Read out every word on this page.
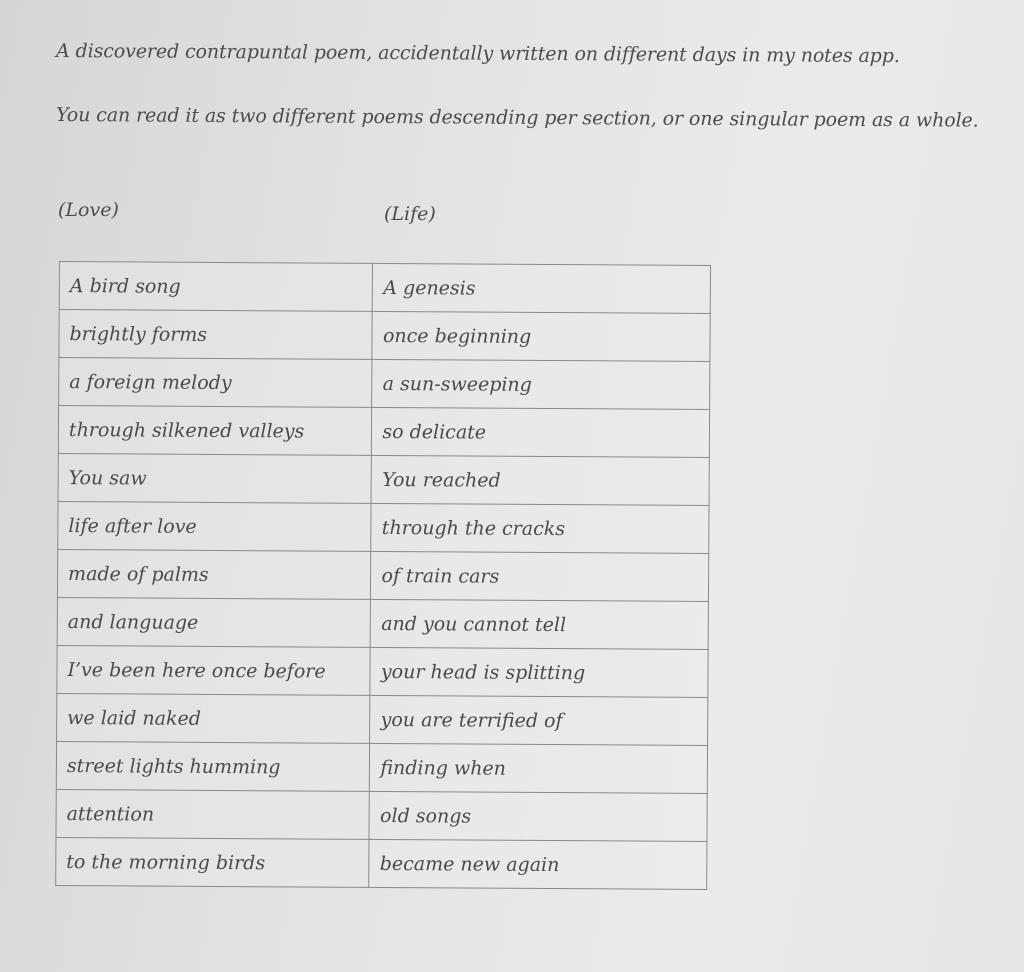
A discovered contrapuntal poem, accidentally written on different days in my notes app.

You can read it as two different poems descending per section, or one singular poem as a whole.

(Love)	(Life)

A bird song	A genesis
brightly forms	once beginning
a foreign melody	a sun-sweeping
through silkened valleys	so delicate
You saw	You reached
life after love	through the cracks
made of palms	of train cars
and language	and you cannot tell
I’ve been here once before	your head is splitting
we laid naked	you are terrified of
street lights humming	finding when
attention	old songs
to the morning birds	became new again
